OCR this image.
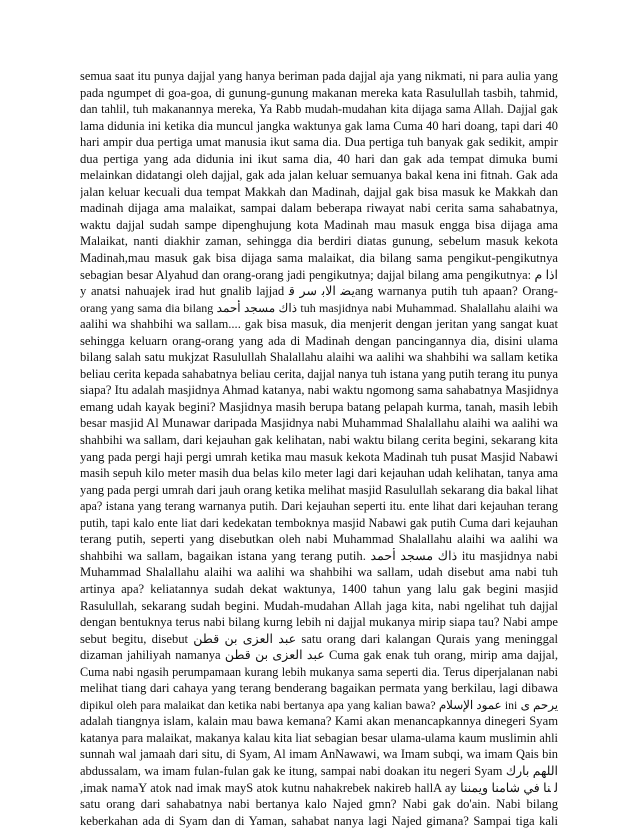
semua saat itu punya dajjal yang hanya beriman pada dajjal aja yang nikmati, ni para aulia yang
pada ngumpet di goa-goa, di gunung-gunung makanan mereka kata Rasulullah tasbih, tahmid,
dan tahlil, tuh makanannya mereka, Ya Rabb mudah-mudahan kita dijaga sama Allah. Dajjal gak
lama didunia ini ketika dia muncul jangka waktunya gak lama Cuma 40 hari doang, tapi dari 40
hari ampir dua pertiga umat manusia ikut sama dia. Dua pertiga tuh banyak gak sedikit, ampir
dua pertiga yang ada didunia ini ikut sama dia, 40 hari dan gak ada tempat dimuka bumi
melainkan didatangi oleh dajjal, gak ada jalan keluar semuanya bakal kena ini fitnah. Gak ada
jalan keluar kecuali dua tempat Makkah dan Madinah, dajjal gak bisa masuk ke Makkah dan
madinah dijaga ama malaikat, sampai dalam beberapa riwayat nabi cerita sama sahabatnya,
waktu dajjal sudah sampe dipenghujung kota Madinah mau masuk engga bisa dijaga ama
Malaikat, nanti diakhir zaman, sehingga dia berdiri diatas gunung, sebelum masuk kekota
Madinah,mau masuk gak bisa dijaga sama malaikat, dia bilang sama pengikut-pengikutnya
sebagian besar Alyahud dan orang-orang jadi pengikutnya; dajjal bilang ama pengikutnya: ﺍﺫﺍ ﻡ
y anatsi nahuajek irad hut gnalib lajjad ﻳﻀ ﺍﻻﺑ ﺳﺮ ﻗang warnanya putih tuh apaan? Orang-
orang yang sama dia bilang ﺫﺍﻙ ﻣﺴﺠﺪ ﺃﺣﻤﺪ tuh masjidnya nabi Muhammad. Shalallahu alaihi wa
aalihi wa shahbihi wa sallam.... gak bisa masuk, dia menjerit dengan jeritan yang sangat kuat
sehingga keluarn orang-orang yang ada di Madinah dengan pancingannya dia, disini ulama
bilang salah satu mukjzat Rasulullah Shalallahu alaihi wa aalihi wa shahbihi wa sallam ketika
beliau cerita kepada sahabatnya beliau cerita, dajjal nanya tuh istana yang putih terang itu punya
siapa? Itu adalah masjidnya Ahmad katanya, nabi waktu ngomong sama sahabatnya Masjidnya
emang udah kayak begini? Masjidnya masih berupa batang pelapah kurma, tanah, masih lebih
besar masjid Al Munawar daripada Masjidnya nabi Muhammad Shalallahu alaihi wa aalihi wa
shahbihi wa sallam, dari kejauhan gak kelihatan, nabi waktu bilang cerita begini, sekarang kita
yang pada pergi haji pergi umrah ketika mau masuk kekota Madinah tuh pusat Masjid Nabawi
masih sepuh kilo meter masih dua belas kilo meter lagi dari kejauhan udah kelihatan, tanya ama
yang pada pergi umrah dari jauh orang ketika melihat masjid Rasulullah sekarang dia bakal lihat
apa? istana yang terang warnanya putih. Dari kejauhan seperti itu. ente lihat dari kejauhan terang
putih, tapi kalo ente liat dari kedekatan temboknya masjid Nabawi gak putih Cuma dari kejauhan
terang putih, seperti yang disebutkan oleh nabi Muhammad Shalallahu alaihi wa aalihi wa
shahbihi wa sallam, bagaikan istana yang terang putih. ﺫﺍﻙ ﻣﺴﺠﺪ ﺃﺣﻤﺪ itu masjidnya nabi
Muhammad Shalallahu alaihi wa aalihi wa shahbihi wa sallam, udah disebut ama nabi tuh
artinya apa? keliatannya sudah dekat waktunya, 1400 tahun yang lalu gak begini masjid
Rasulullah, sekarang sudah begini. Mudah-mudahan Allah jaga kita, nabi ngelihat tuh dajjal
dengan bentuknya terus nabi bilang kurng lebih ni dajjal mukanya mirip siapa tau? Nabi ampe
sebut begitu, disebut ﻋﺒﺪ ﺍﻟﻌﺰﻯ ﺑﻦ ﻗﻄﻦ satu orang dari kalangan Qurais yang meninggal
dizaman jahiliyah namanya ﻋﺒﺪ ﺍﻟﻌﺰﻯ ﺑﻦ ﻗﻄﻦ Cuma gak enak tuh orang, mirip ama dajjal,
Cuma nabi ngasih perumpamaan kurang lebih mukanya sama seperti dia. Terus diperjalanan nabi
melihat tiang dari cahaya yang terang benderang bagaikan permata yang berkilau, lagi dibawa
dipikul oleh para malaikat dan ketika nabi bertanya apa yang kalian bawa? ﻋﻤﻮﺩ ﺍﻹﺳﻼﻡ ini ﻳﺮﺣﻢ ﻯ
adalah tiangnya islam, kalain mau bawa kemana? Kami akan menancapkannya dinegeri Syam
katanya para malaikat, makanya kalau kita liat sebagian besar ulama-ulama kaum muslimin ahli
sunnah wal jamaah dari situ, di Syam, Al imam AnNawawi, wa Imam subqi, wa imam Qais bin
abdussalam, wa imam fulan-fulan gak ke itung, sampai nabi doakan itu negeri Syam ﺍﻟﻠﻬﻢ ﺑﺎﺭﻙ
,imak namaY atok nad imak mayS atok kutnu nahakrebek nakireb hallA ay ﻟ ﻨﺎ ﻓﻲ ﺷﺎﻣﻨﺎ ﻭﻳﻤﻨﻨﺎ
satu orang dari sahabatnya nabi bertanya kalo Najed gmn? Nabi gak do'ain. Nabi bilang
keberkahan ada di Syam dan di Yaman, sahabat nanya lagi Najed gimana? Sampai tiga kali
